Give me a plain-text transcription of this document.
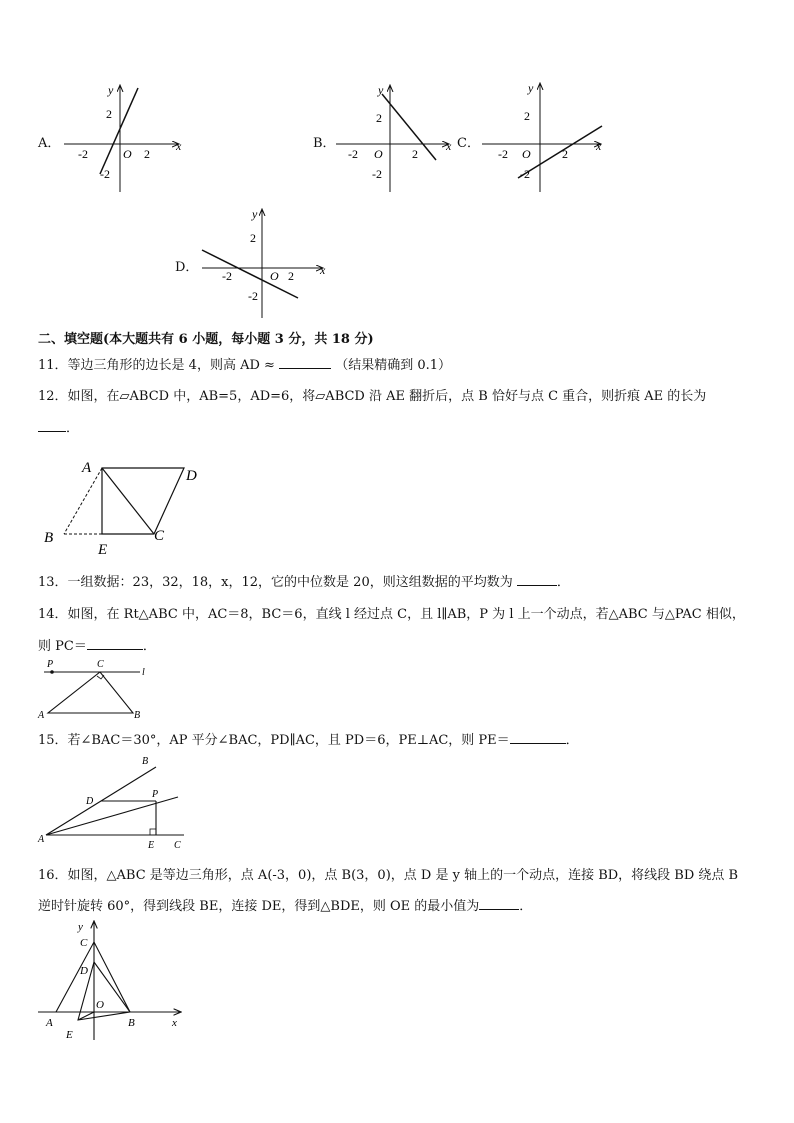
A．	x
y
O 2
-2
2
-2
B．	x
y
O 2
-2
2
-2
C．	x
y
O	2
-2
2
-2
D．	x
y
O 2
-2
2
-2
二、填空题(本大题共有 6 小题，每小题 3 分，共 18 分)
11．等边三角形的边长是 4，则高 AD ≈	（结果精确到 0.1）
12．如图，在▱ABCD 中，AB=5，AD=6，将▱ABCD 沿 AE 翻折后，点 B 恰好与点 C 重合，则折痕 AE 的长为
．
A	D
B	C
E
13．一组数据：23，32，18，x，12，它的中位数是 20，则这组数据的平均数为	．
14．如图，在 Rt△ABC 中，AC＝8，BC＝6，直线 l 经过点 C，且 l∥AB，P 为 l 上一个动点，若△ABC 与△PAC 相似，
则 PC＝	．
P	C
l
A	B
15．若∠BAC＝30°，AP 平分∠BAC，PD∥AC，且 PD＝6，PE⊥AC，则 PE＝	．
B
D
P
A
E C
16．如图，△ABC 是等边三角形，点 A(-3，0)，点 B(3，0)，点 D 是 y 轴上的一个动点，连接 BD，将线段 BD 绕点 B
逆时针旋转 60°，得到线段 BE，连接 DE，得到△BDE，则 OE 的最小值为	．
y
C
D
O
A	B	x
E
